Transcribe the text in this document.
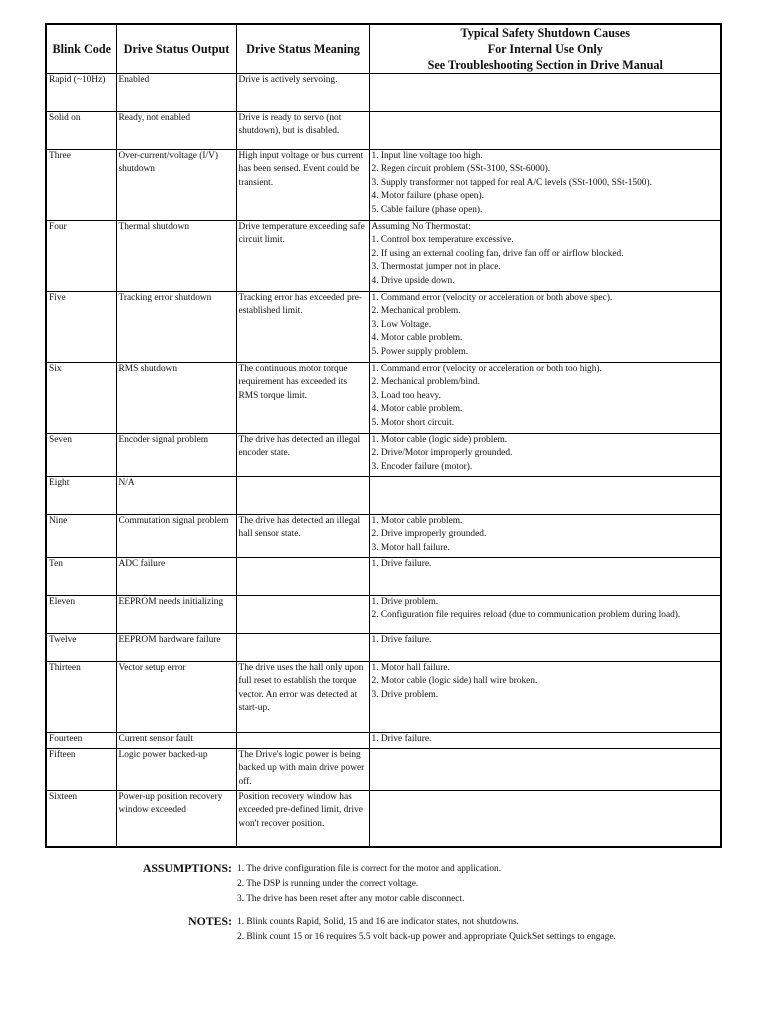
Blink Code	Drive Status Output	Drive Status Meaning	Typical Safety Shutdown Causes
For Internal Use Only
See Troubleshooting Section in Drive Manual

Rapid (~10Hz)	Enabled	Drive is actively servoing.	
Solid on	Ready, not enabled	Drive is ready to servo (not shutdown), but is disabled.	
Three	Over-current/voltage (I/V) shutdown	High input voltage or bus current has been sensed. Event could be transient.	1. Input line voltage too high.
2. Regen circuit problem (SSt-3100, SSt-6000).
3. Supply transformer not tapped for real A/C levels (SSt-1000, SSt-1500).
4. Motor failure (phase open).
5. Cable failure (phase open).
Four	Thermal shutdown	Drive temperature exceeding safe circuit limit.	Assuming No Thermostat:
1. Control box temperature excessive.
2. If using an external cooling fan, drive fan off or airflow blocked.
3. Thermostat jumper not in place.
4. Drive upside down.
Five	Tracking error shutdown	Tracking error has exceeded pre-established limit.	1. Command error (velocity or acceleration or both above spec).
2. Mechanical problem.
3. Low Voltage.
4. Motor cable problem.
5. Power supply problem.
Six	RMS shutdown	The continuous motor torque requirement has exceeded its RMS torque limit.	1. Command error (velocity or acceleration or both too high).
2. Mechanical problem/bind.
3. Load too heavy.
4. Motor cable problem.
5. Motor short circuit.
Seven	Encoder signal problem	The drive has detected an illegal encoder state.	1. Motor cable (logic side) problem.
2. Drive/Motor improperly grounded.
3. Encoder failure (motor).
Eight	N/A		
Nine	Commutation signal problem	The drive has detected an illegal hall sensor state.	1. Motor cable problem.
2. Drive improperly grounded.
3. Motor hall failure.
Ten	ADC failure		1. Drive failure.
Eleven	EEPROM needs initializing		1. Drive problem.
2. Configuration file requires reload (due to communication problem during load).
Twelve	EEPROM hardware failure		1. Drive failure.
Thirteen	Vector setup error	The drive uses the hall only upon full reset to establish the torque vector. An error was detected at start-up.	1. Motor hall failure.
2. Motor cable (logic side) hall wire broken.
3. Drive problem.
Fourteen	Current sensor fault		1. Drive failure.
Fifteen	Logic power backed-up	The Drive's logic power is being backed up with main drive power off.	
Sixteen	Power-up position recovery window exceeded	Position recovery window has exceeded pre-defined limit, drive won't recover position.	
ASSUMPTIONS: 1. The drive configuration file is correct for the motor and application.
2. The DSP is running under the correct voltage.
3. The drive has been reset after any motor cable disconnect.
NOTES: 1. Blink counts Rapid, Solid, 15 and 16 are indicator states, not shutdowns.
2. Blink count 15 or 16 requires 5.5 volt back-up power and appropriate QuickSet settings to engage.
